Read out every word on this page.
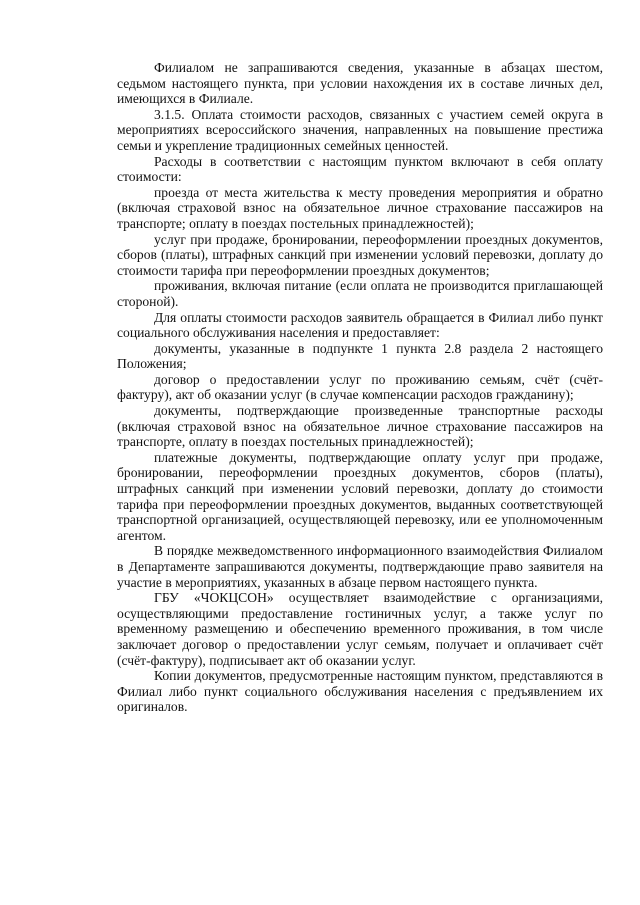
Филиалом не запрашиваются сведения, указанные в абзацах шестом, седьмом настоящего пункта, при условии нахождения их в составе личных дел, имеющихся в Филиале.

3.1.5. Оплата стоимости расходов, связанных с участием семей округа в мероприятиях всероссийского значения, направленных на повышение престижа семьи и укрепление традиционных семейных ценностей.

Расходы в соответствии с настоящим пунктом включают в себя оплату стоимости:

проезда от места жительства к месту проведения мероприятия и обратно (включая страховой взнос на обязательное личное страхование пассажиров на транспорте; оплату в поездах постельных принадлежностей);

услуг при продаже, бронировании, переоформлении проездных документов, сборов (платы), штрафных санкций при изменении условий перевозки, доплату до стоимости тарифа при переоформлении проездных документов;

проживания, включая питание (если оплата не производится приглашающей стороной).

Для оплаты стоимости расходов заявитель обращается в Филиал либо пункт социального обслуживания населения и предоставляет:

документы, указанные в подпункте 1 пункта 2.8 раздела 2 настоящего Положения;

договор о предоставлении услуг по проживанию семьям, счёт (счёт-фактуру), акт об оказании услуг (в случае компенсации расходов гражданину);

документы, подтверждающие произведенные транспортные расходы (включая страховой взнос на обязательное личное страхование пассажиров на транспорте, оплату в поездах постельных принадлежностей);

платежные документы, подтверждающие оплату услуг при продаже, бронировании, переоформлении проездных документов, сборов (платы), штрафных санкций при изменении условий перевозки, доплату до стоимости тарифа при переоформлении проездных документов, выданных соответствующей транспортной организацией, осуществляющей перевозку, или ее уполномоченным агентом.

В порядке межведомственного информационного взаимодействия Филиалом в Департаменте запрашиваются документы, подтверждающие право заявителя на участие в мероприятиях, указанных в абзаце первом настоящего пункта.

ГБУ «ЧОКЦСОН» осуществляет взаимодействие с организациями, осуществляющими предоставление гостиничных услуг, а также услуг по временному размещению и обеспечению временного проживания, в том числе заключает договор о предоставлении услуг семьям, получает и оплачивает счёт (счёт-фактуру), подписывает акт об оказании услуг.

Копии документов, предусмотренные настоящим пунктом, представляются в Филиал либо пункт социального обслуживания населения с предъявлением их оригиналов.
